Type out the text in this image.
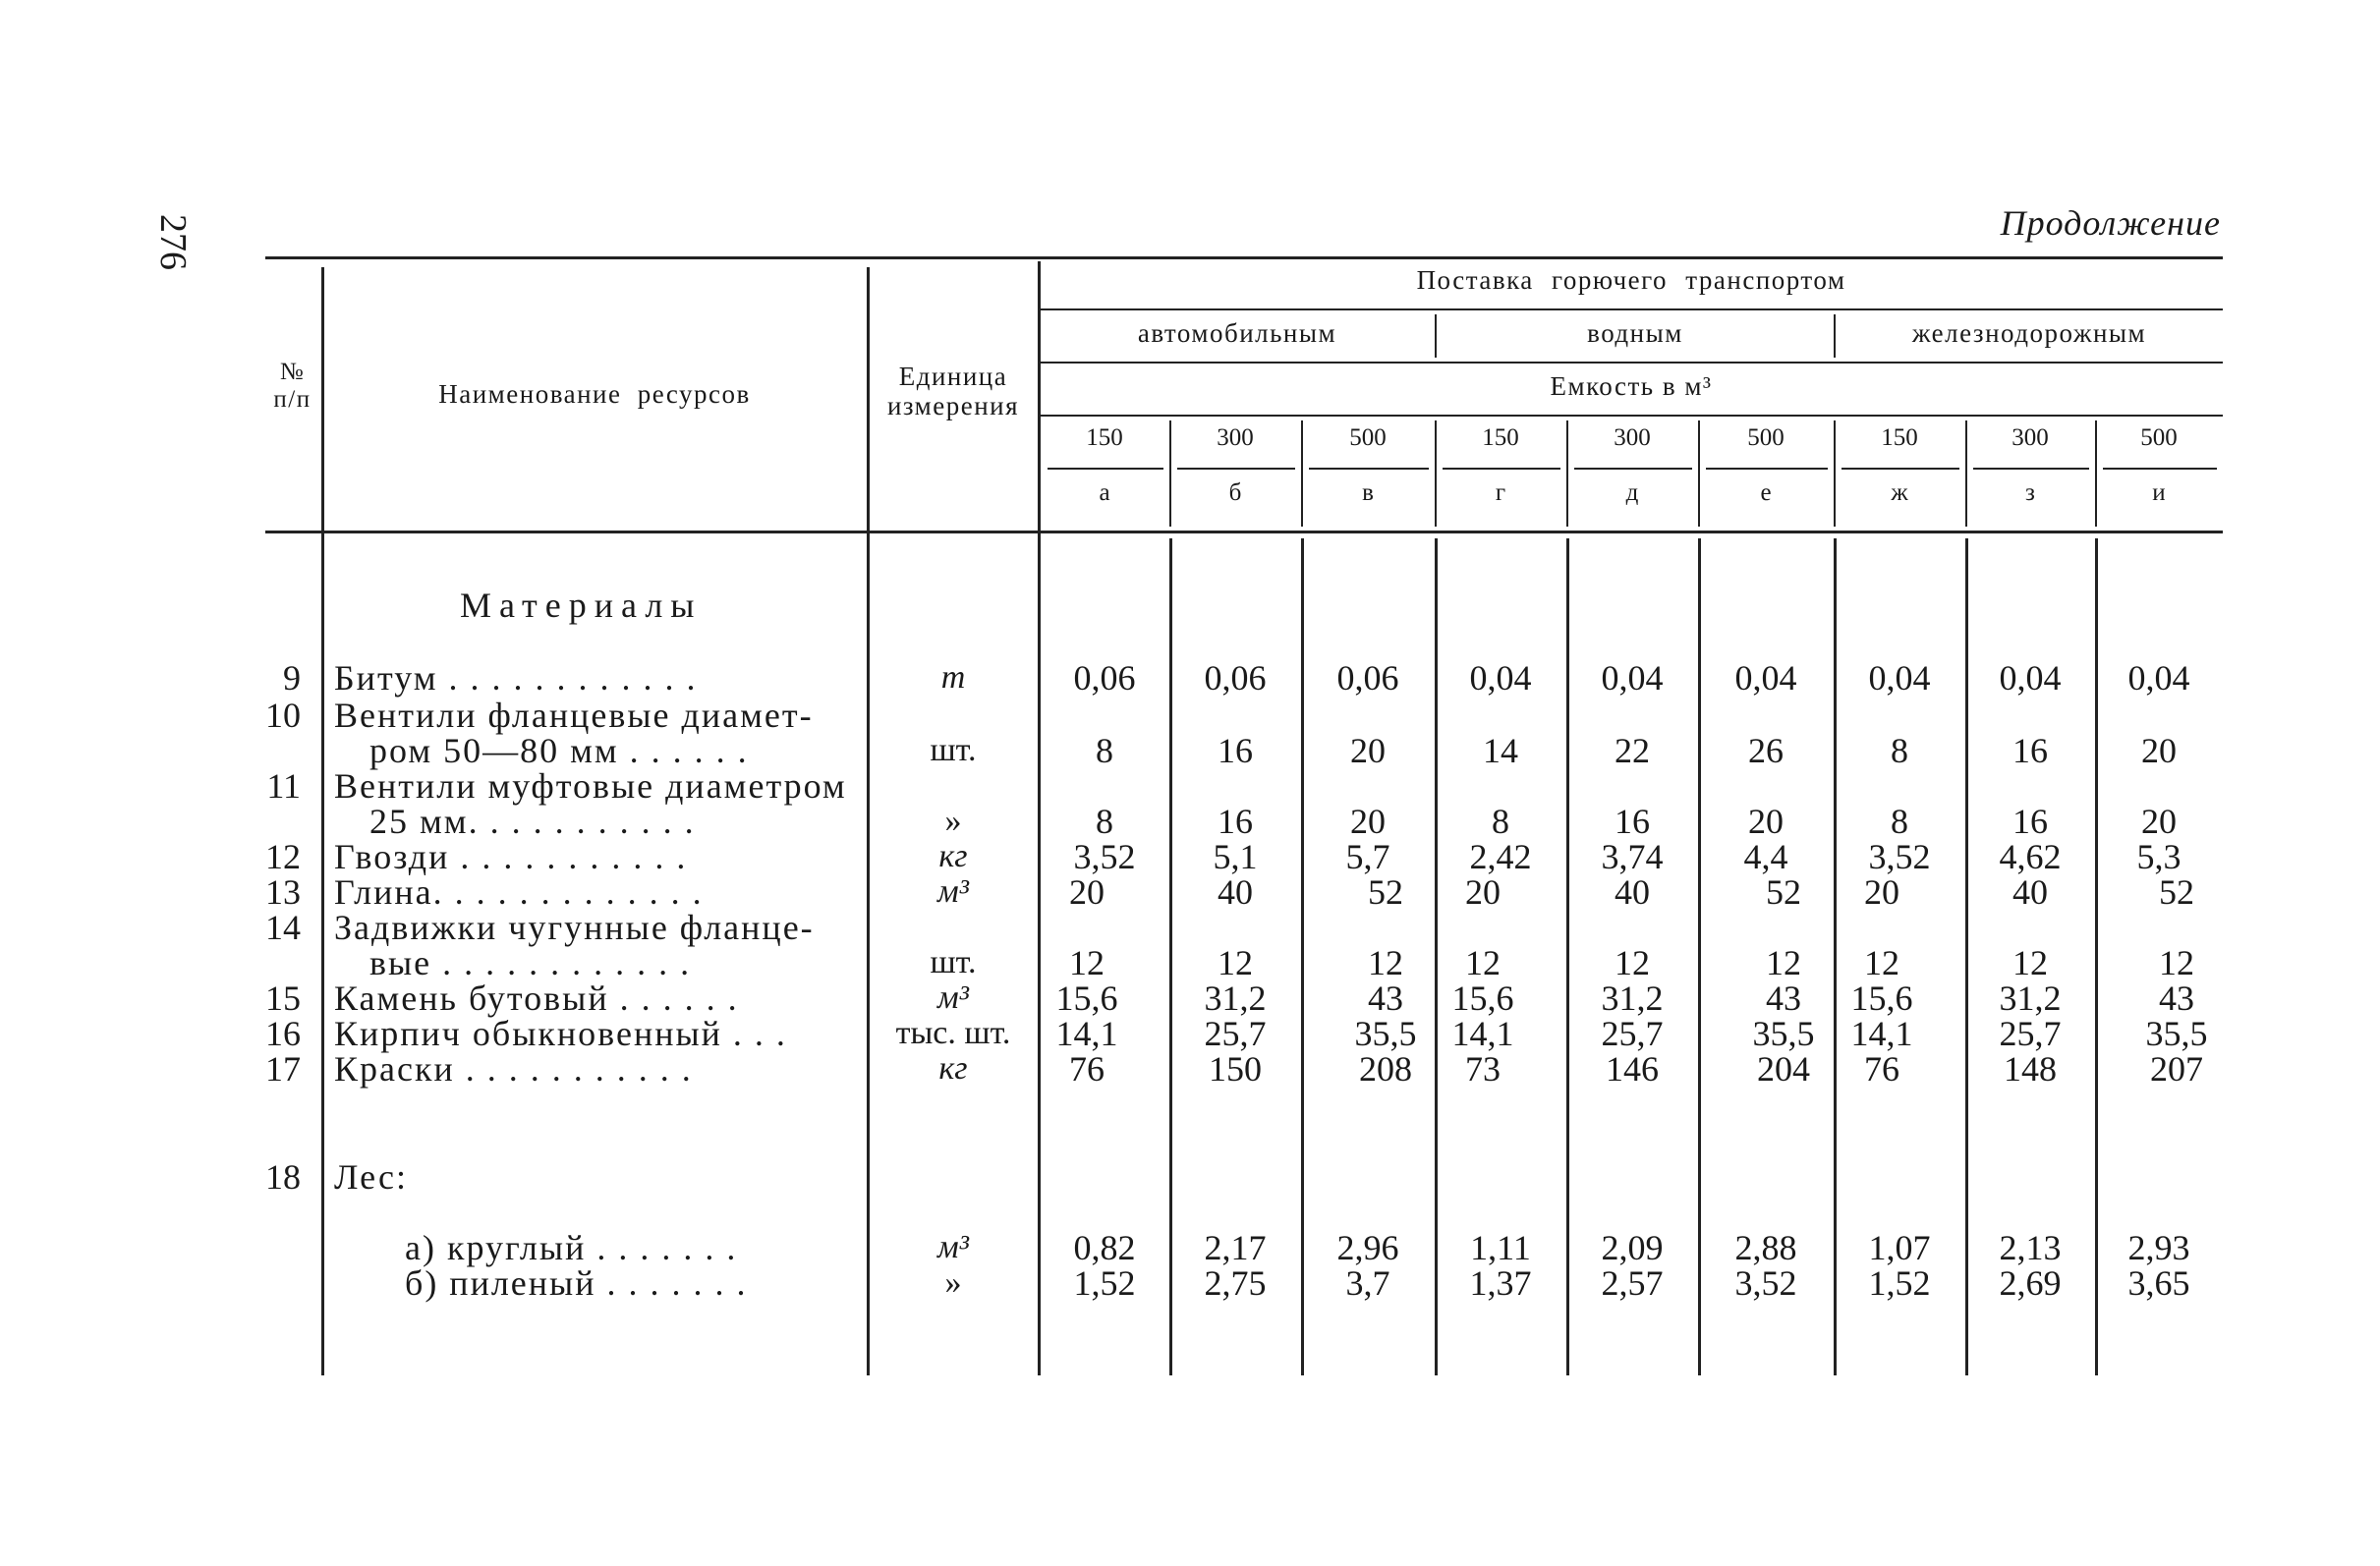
276	Продолжение
№
п/п	Наименование ресурсов
Единица
измерения
Поставка горючего транспортом
автомобильным	водным	железнодорожным
Емкость в м³
150	300	500	150	300	500	150	300	500
а	б	в	г	д	е	ж	з	и
Материалы
9 Битум . . . . . . . . . . . .	т	0,06	0,06	0,06	0,04	0,04	0,04	0,04	0,04	0,04
10 Вентили фланцевые диамет-
ром 50—80 мм . . . . . .	шт.	8	16	20	14	22	26	8	16	20
11 Вентили муфтовые диаметром
25 мм. . . . . . . . . . .	»	8	16	20	8	16	20	8	16	20
12 Гвозди . . . . . . . . . . .	кг	3,52	5,1	5,7	2,42	3,74	4,4	3,52	4,62	5,3
13 Глина. . . . . . . . . . . . .	м³	20	40	52	20	40	52	20	40	52
14 Задвижки чугунные фланце-
вые . . . . . . . . . . . .	шт.	12	12	12	12	12	12	12	12	12
15 Камень бутовый . . . . . .	м³	15,6	31,2	43	15,6	31,2	43	15,6	31,2	43
16 Кирпич обыкновенный . . .	тыс. шт.	14,1	25,7	35,5	14,1	25,7	35,5	14,1	25,7	35,5
17 Краски . . . . . . . . . . .	кг	76	150	208	73	146	204	76	148	207
18 Лес:
а) круглый . . . . . . .	м³	0,82	2,17	2,96	1,11	2,09	2,88	1,07	2,13	2,93
б) пиленый . . . . . . .	»	1,52	2,75	3,7	1,37	2,57	3,52	1,52	2,69	3,65
